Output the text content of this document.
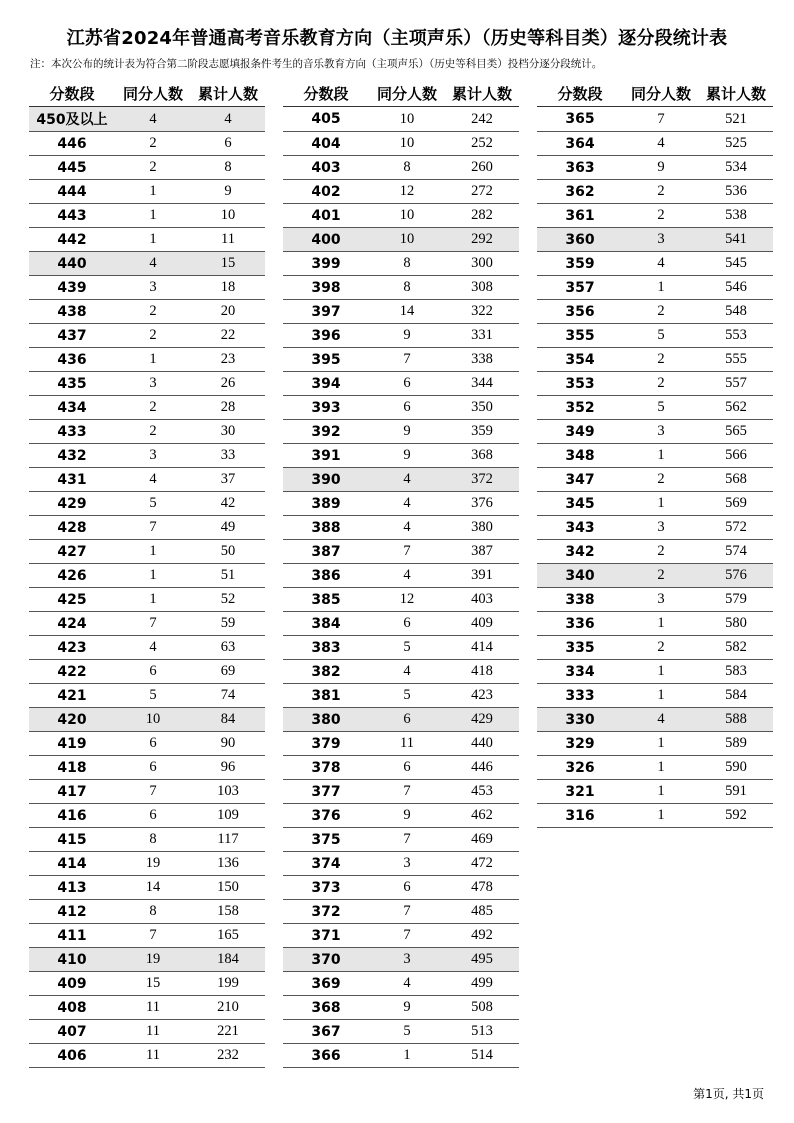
江苏省2024年普通高考音乐教育方向（主项声乐）（历史等科目类）逐分段统计表
注：本次公布的统计表为符合第二阶段志愿填报条件考生的音乐教育方向（主项声乐）（历史等科目类）投档分逐分段统计。
分数段	同分人数	累计人数
450及以上	4	4
446	2	6
445	2	8
444	1	9
443	1	10
442	1	11
440	4	15
439	3	18
438	2	20
437	2	22
436	1	23
435	3	26
434	2	28
433	2	30
432	3	33
431	4	37
429	5	42
428	7	49
427	1	50
426	1	51
425	1	52
424	7	59
423	4	63
422	6	69
421	5	74
420	10	84
419	6	90
418	6	96
417	7	103
416	6	109
415	8	117
414	19	136
413	14	150
412	8	158
411	7	165
410	19	184
409	15	199
408	11	210
407	11	221
406	11	232
分数段	同分人数	累计人数
405	10	242
404	10	252
403	8	260
402	12	272
401	10	282
400	10	292
399	8	300
398	8	308
397	14	322
396	9	331
395	7	338
394	6	344
393	6	350
392	9	359
391	9	368
390	4	372
389	4	376
388	4	380
387	7	387
386	4	391
385	12	403
384	6	409
383	5	414
382	4	418
381	5	423
380	6	429
379	11	440
378	6	446
377	7	453
376	9	462
375	7	469
374	3	472
373	6	478
372	7	485
371	7	492
370	3	495
369	4	499
368	9	508
367	5	513
366	1	514
分数段	同分人数	累计人数
365	7	521
364	4	525
363	9	534
362	2	536
361	2	538
360	3	541
359	4	545
357	1	546
356	2	548
355	5	553
354	2	555
353	2	557
352	5	562
349	3	565
348	1	566
347	2	568
345	1	569
343	3	572
342	2	574
340	2	576
338	3	579
336	1	580
335	2	582
334	1	583
333	1	584
330	4	588
329	1	589
326	1	590
321	1	591
316	1	592
第1页, 共1页
